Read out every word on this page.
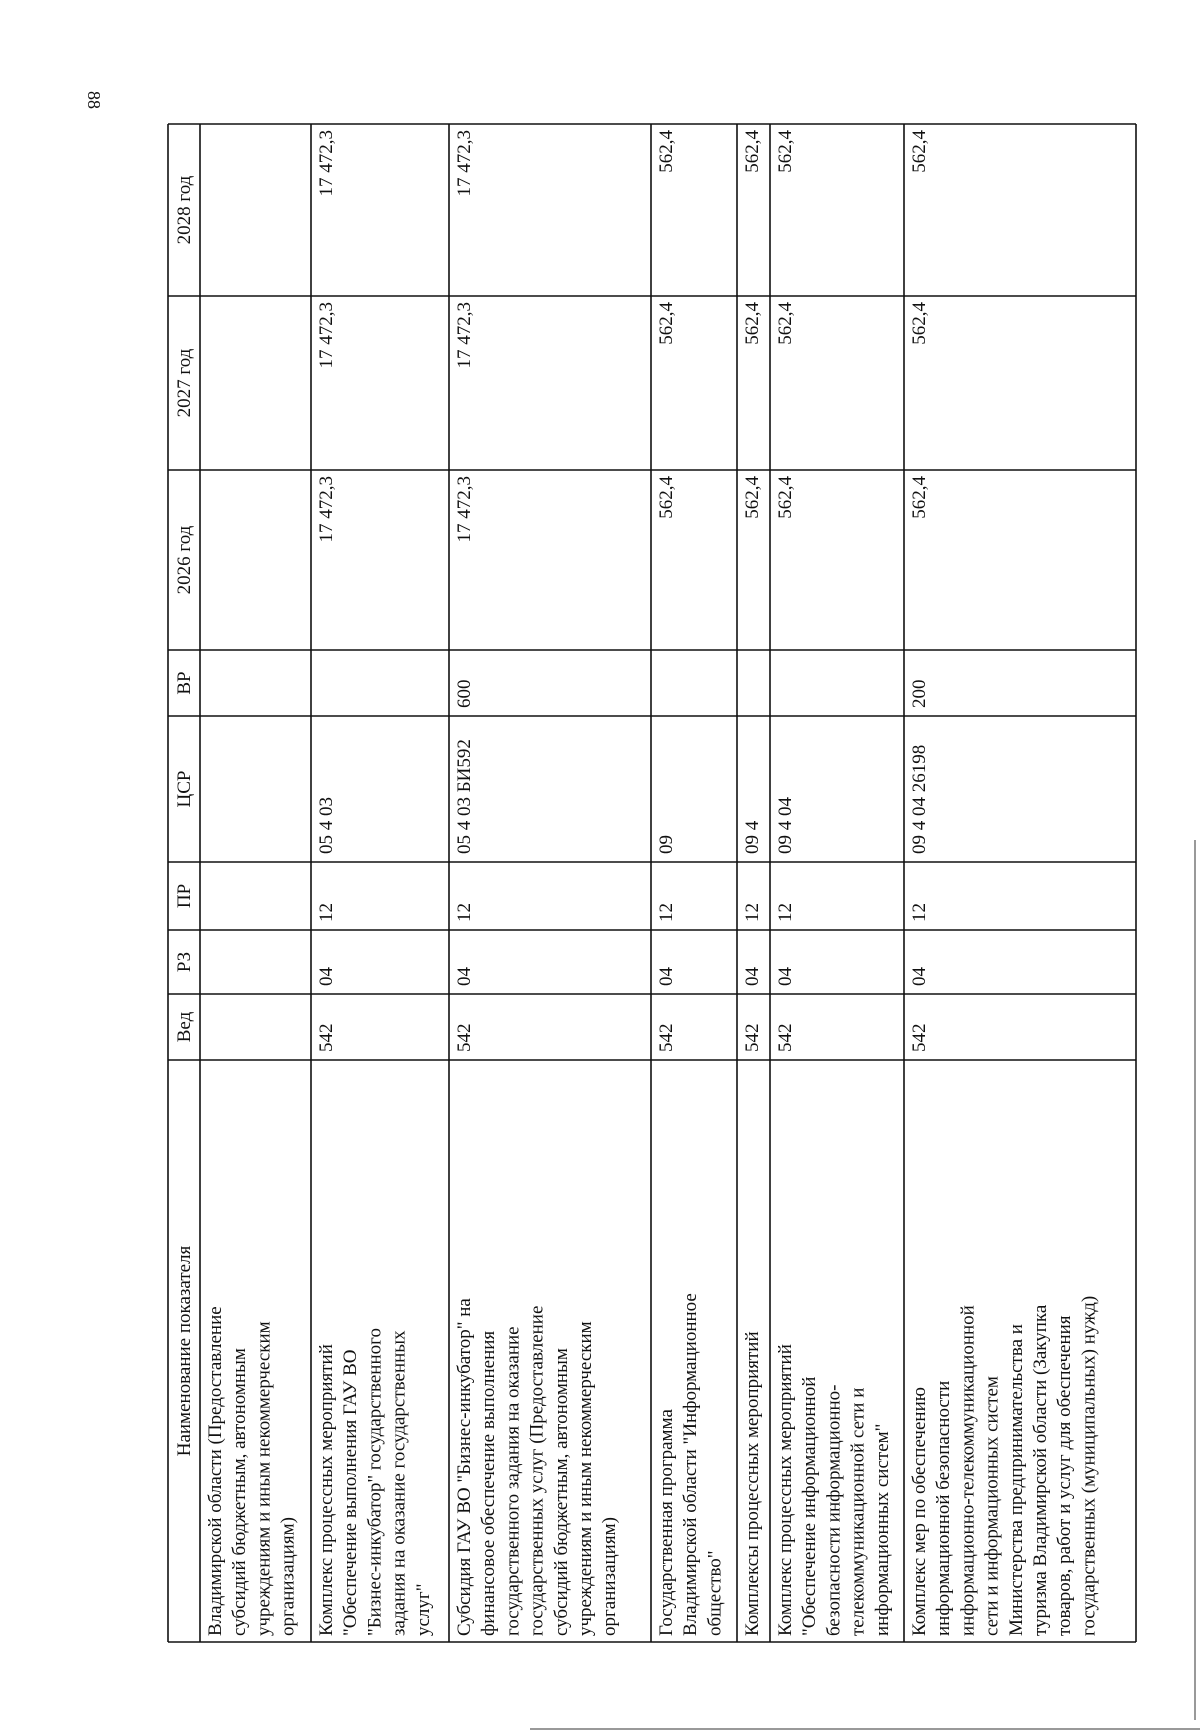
88
Наименование показателя
Вед
РЗ
ПР
ЦСР
ВР
2026 год
2027 год
2028 год
Владимирской области (Предоставление субсидий бюджетным, автономным учреждениям и иным некоммерческим организациям) Комплекс процессных мероприятий "Обеспечение выполнения ГАУ ВО "Бизнес-инкубатор" государственного задания на оказание государственных услуг"
542
04
12
05 4 03
17 472,3
17 472,3
17 472,3
Субсидия ГАУ ВО "Бизнес-инкубатор" на финансовое обеспечение выполнения государственного задания на оказание государственных услуг (Предоставление субсидий бюджетным, автономным учреждениям и иным некоммерческим организациям)
542
04
12
05 4 03 БИ592
600
17 472,3
17 472,3
17 472,3
Государственная программа Владимирской области "Информационное общество"
542
04
12
09
562,4
562,4
562,4
Комплексы процессных мероприятий
542
04
12
09 4
562,4
562,4
562,4
Комплекс процессных мероприятий "Обеспечение информационной безопасности информационно- телекоммуникационной сети и информационных систем"
542
04
12
09 4 04
562,4
562,4
562,4
Комплекс мер по обеспечению информационной безопасности информационно-телекоммуникационной сети и информационных систем Министерства предпринимательства и туризма Владимирской области (Закупка товаров, работ и услуг для обеспечения государственных (муниципальных) нужд)
542
04
12
09 4 04 26198
200
562,4
562,4
562,4
